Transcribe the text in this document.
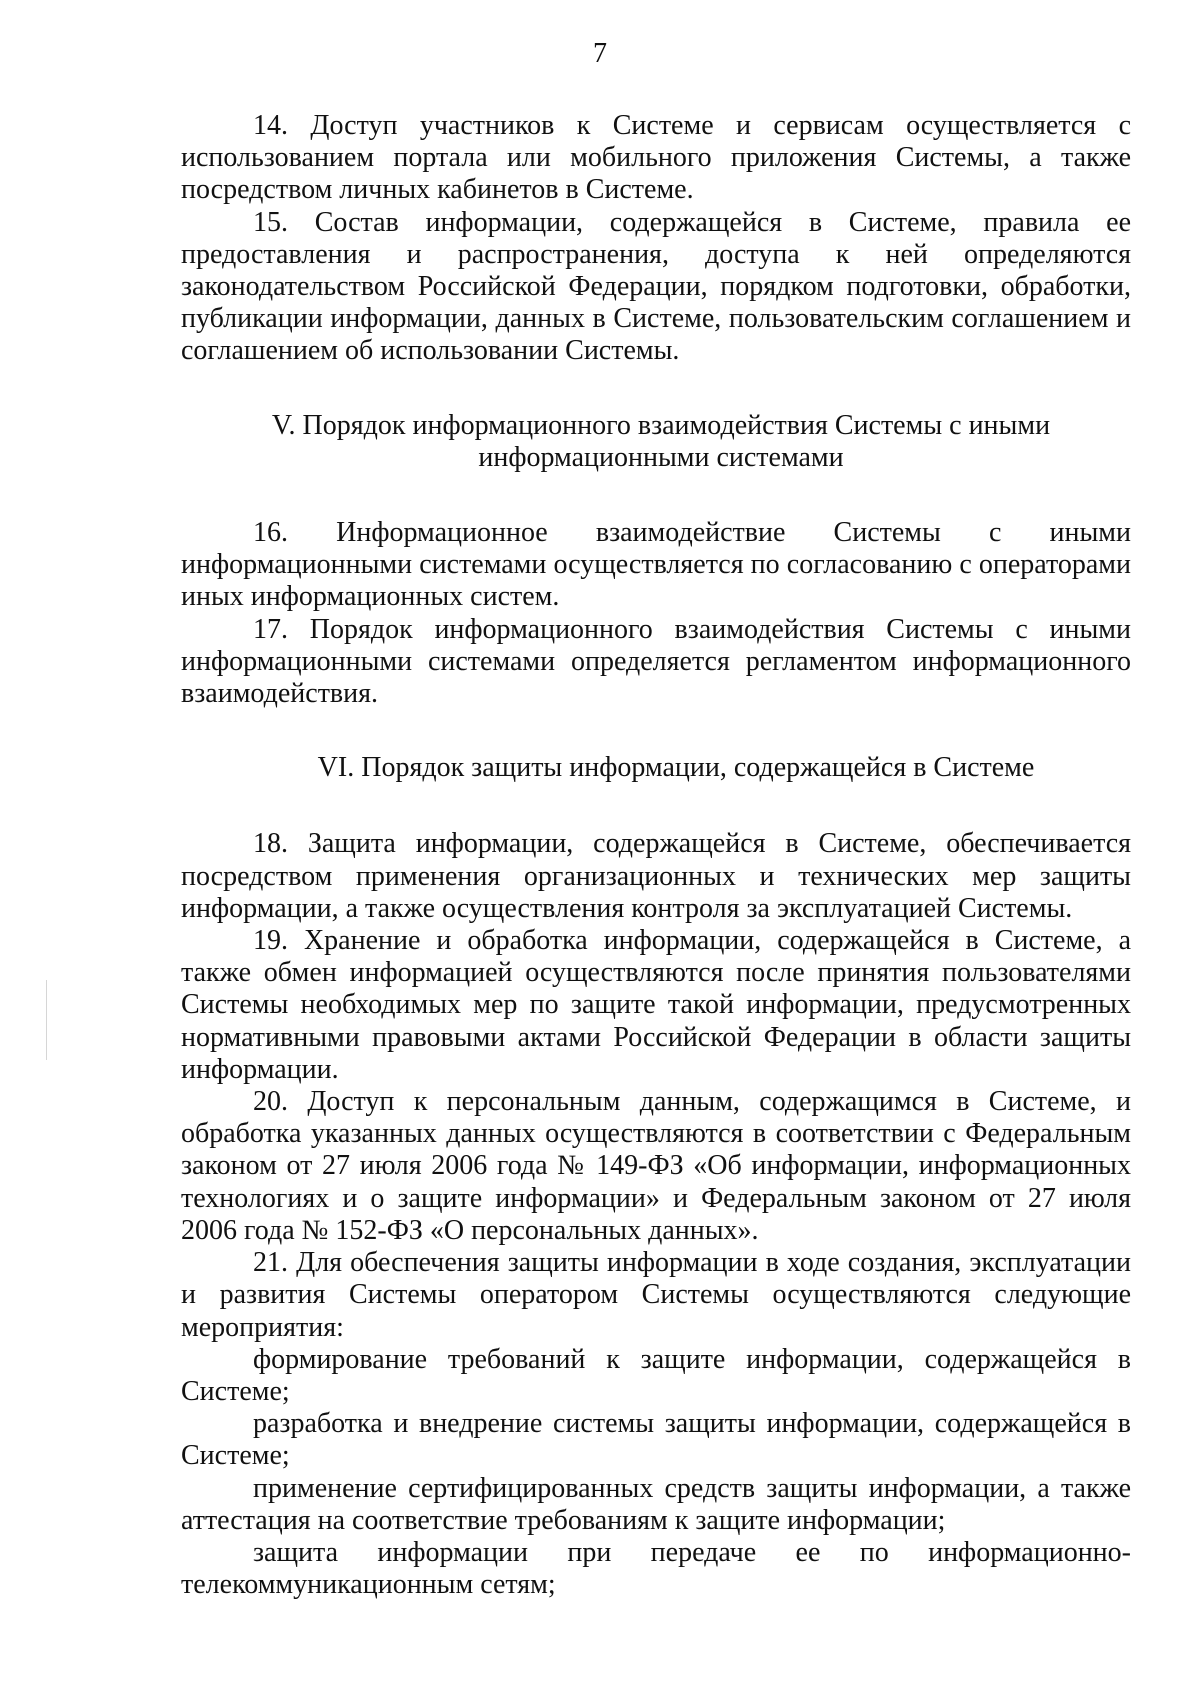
7

14. Доступ участников к Системе и сервисам осуществляется с использованием портала или мобильного приложения Системы, а также посредством личных кабинетов в Системе.

15. Состав информации, содержащейся в Системе, правила ее предоставления и распространения, доступа к ней определяются законодательством Российской Федерации, порядком подготовки, обработки, публикации информации, данных в Системе, пользовательским соглашением и соглашением об использовании Системы.

V. Порядок информационного взаимодействия Системы с иными информационными системами

16. Информационное взаимодействие Системы с иными информационными системами осуществляется по согласованию с операторами иных информационных систем.

17. Порядок информационного взаимодействия Системы с иными информационными системами определяется регламентом информационного взаимодействия.

VI. Порядок защиты информации, содержащейся в Системе

18. Защита информации, содержащейся в Системе, обеспечивается посредством применения организационных и технических мер защиты информации, а также осуществления контроля за эксплуатацией Системы.

19. Хранение и обработка информации, содержащейся в Системе, а также обмен информацией осуществляются после принятия пользователями Системы необходимых мер по защите такой информации, предусмотренных нормативными правовыми актами Российской Федерации в области защиты информации.

20. Доступ к персональным данным, содержащимся в Системе, и обработка указанных данных осуществляются в соответствии с Федеральным законом от 27 июля 2006 года № 149-ФЗ «Об информации, информационных технологиях и о защите информации» и Федеральным законом от 27 июля 2006 года № 152-ФЗ «О персональных данных».

21. Для обеспечения защиты информации в ходе создания, эксплуатации и развития Системы оператором Системы осуществляются следующие мероприятия:

формирование требований к защите информации, содержащейся в Системе;

разработка и внедрение системы защиты информации, содержащейся в Системе;

применение сертифицированных средств защиты информации, а также аттестация на соответствие требованиям к защите информации;

защита информации при передаче ее по информационно-телекоммуникационным сетям;
